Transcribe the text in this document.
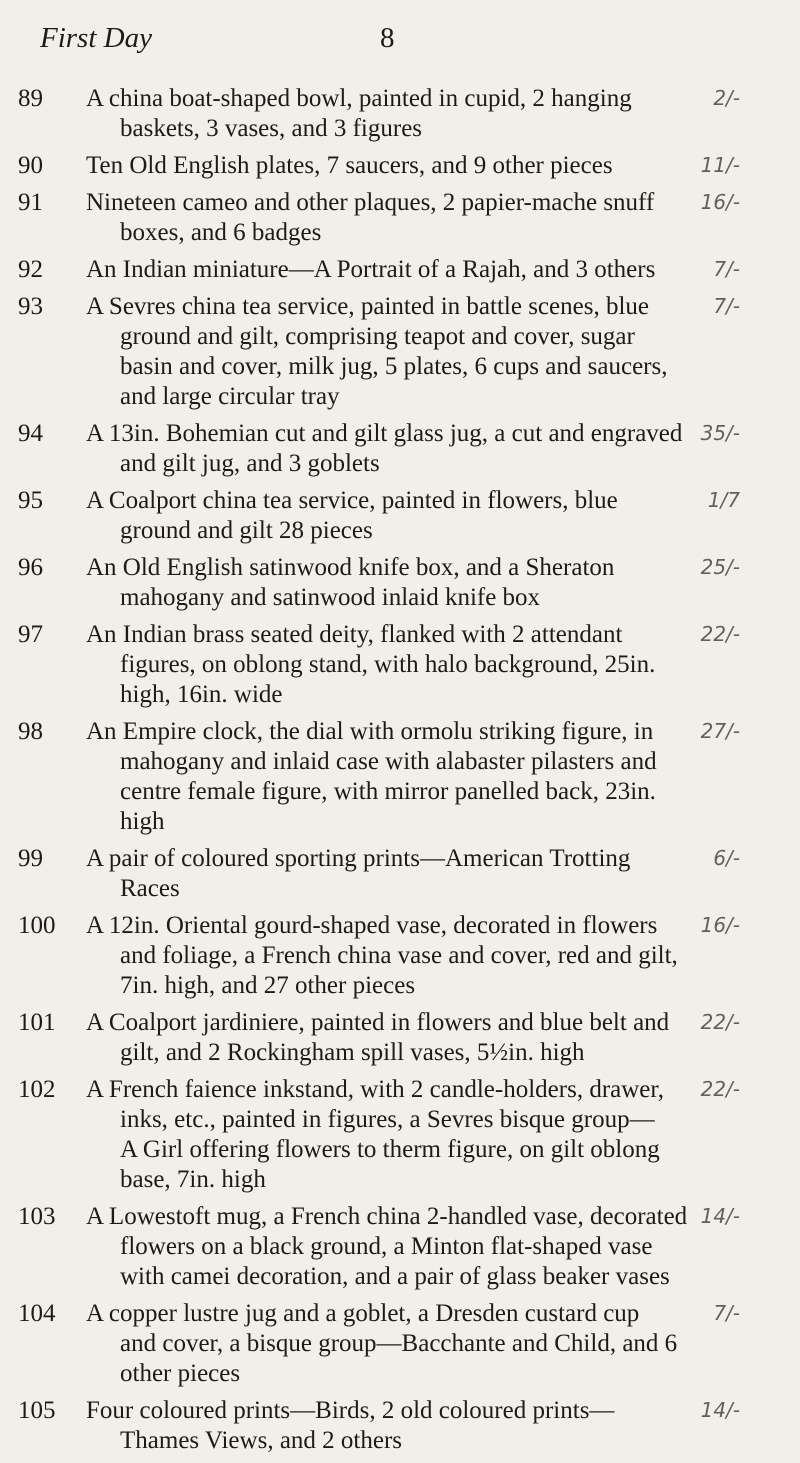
First Day	8
89	A china boat-shaped bowl, painted in cupid, 2 hanging
baskets, 3 vases, and 3 figures
2/-
90	Ten Old English plates, 7 saucers, and 9 other pieces	11/-
91	Nineteen cameo and other plaques, 2 papier-mache snuff
boxes, and 6 badges
16/-
92	An Indian miniature—A Portrait of a Rajah, and 3 others	7/-
93	A Sevres china tea service, painted in battle scenes, blue
ground and gilt, comprising teapot and cover, sugar
basin and cover, milk jug, 5 plates, 6 cups and saucers,
and large circular tray
7/-
94	A 13in. Bohemian cut and gilt glass jug, a cut and engraved
and gilt jug, and 3 goblets
35/-
95	A Coalport china tea service, painted in flowers, blue
ground and gilt 28 pieces
1/7
96	An Old English satinwood knife box, and a Sheraton
mahogany and satinwood inlaid knife box
25/-
97	An Indian brass seated deity, flanked with 2 attendant
figures, on oblong stand, with halo background, 25in.
high, 16in. wide
22/-
98	An Empire clock, the dial with ormolu striking figure, in
mahogany and inlaid case with alabaster pilasters and
centre female figure, with mirror panelled back, 23in.
high
27/-
99	A pair of coloured sporting prints—American Trotting
Races
6/-
100	A 12in. Oriental gourd-shaped vase, decorated in flowers
and foliage, a French china vase and cover, red and gilt,
7in. high, and 27 other pieces
16/-
101	A Coalport jardiniere, painted in flowers and blue belt and
gilt, and 2 Rockingham spill vases, 5½in. high
22/-
102	A French faience inkstand, with 2 candle-holders, drawer,
inks, etc., painted in figures, a Sevres bisque group—
A Girl offering flowers to therm figure, on gilt oblong
base, 7in. high
22/-
103	A Lowestoft mug, a French china 2-handled vase, decorated
flowers on a black ground, a Minton flat-shaped vase
with camei decoration, and a pair of glass beaker vases
14/-
104	A copper lustre jug and a goblet, a Dresden custard cup
and cover, a bisque group—Bacchante and Child, and 6
other pieces
7/-
105	Four coloured prints—Birds, 2 old coloured prints—
Thames Views, and 2 others
14/-
